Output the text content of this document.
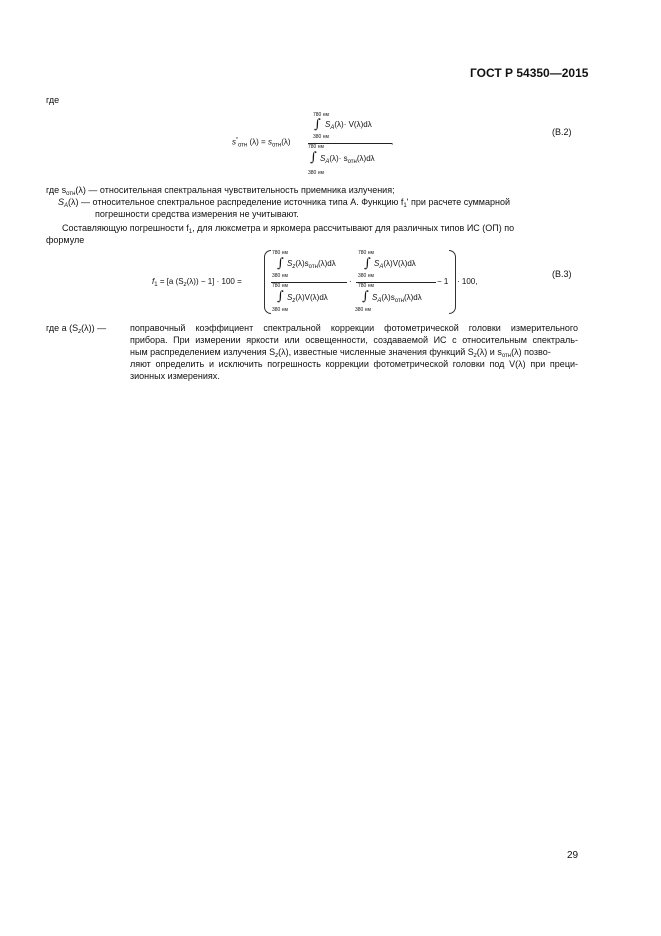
ГОСТ Р 54350—2015
где
780 нм
∫ $S_A(\lambda)\cdot V(\lambda)d\lambda$
380 нм
$s^*_{отн}$ $(\lambda) = s_{отн}(\lambda)$	,
780 нм
∫ $S_A(\lambda)\cdot s_{отн}(\lambda)d\lambda$
380 нм
(В.2)
где $s_{отн}(\lambda)$ — относительная спектральная чувствительность приемника излучения;
$S_A(\lambda)$ — относительное спектральное распределение источника типа A. Функцию $f_1'$ при расчете суммарной
погрешности средства измерения не учитывают.
Составляющую погрешности $f_1$, для люксметра и яркомера рассчитывают для различных типов ИС (ОП) по
формуле
$f_1 = [a$ $(S_z(\lambda)) - 1] \cdot 100$ =
780 нм
∫ $S_z(\lambda)s_{отн}(\lambda)d\lambda$
380 нм
780 нм
∫ $S_z(\lambda)V(\lambda)d\lambda$
380 нм
·
780 нм
∫ $S_A(\lambda)V(\lambda)d\lambda$
380 нм
780 нм
∫ $S_A(\lambda)s_{отн}(\lambda)d\lambda$
380 нм
− 1 · 100,
(В.3)
где a $(S_z(\lambda))$ —	поправочный коэффициент спектральной коррекции фотометрической головки измерительного
прибора. При измерении яркости или освещенности, создаваемой ИС с относительным спектраль-
ным распределением излучения $S_z(\lambda)$, известные численные значения функций $S_z(\lambda)$ и $s_{отн}(\lambda)$ позво-
ляют определить и исключить погрешность коррекции фотометрической головки под V(λ) при преци-
зионных измерениях.
29
